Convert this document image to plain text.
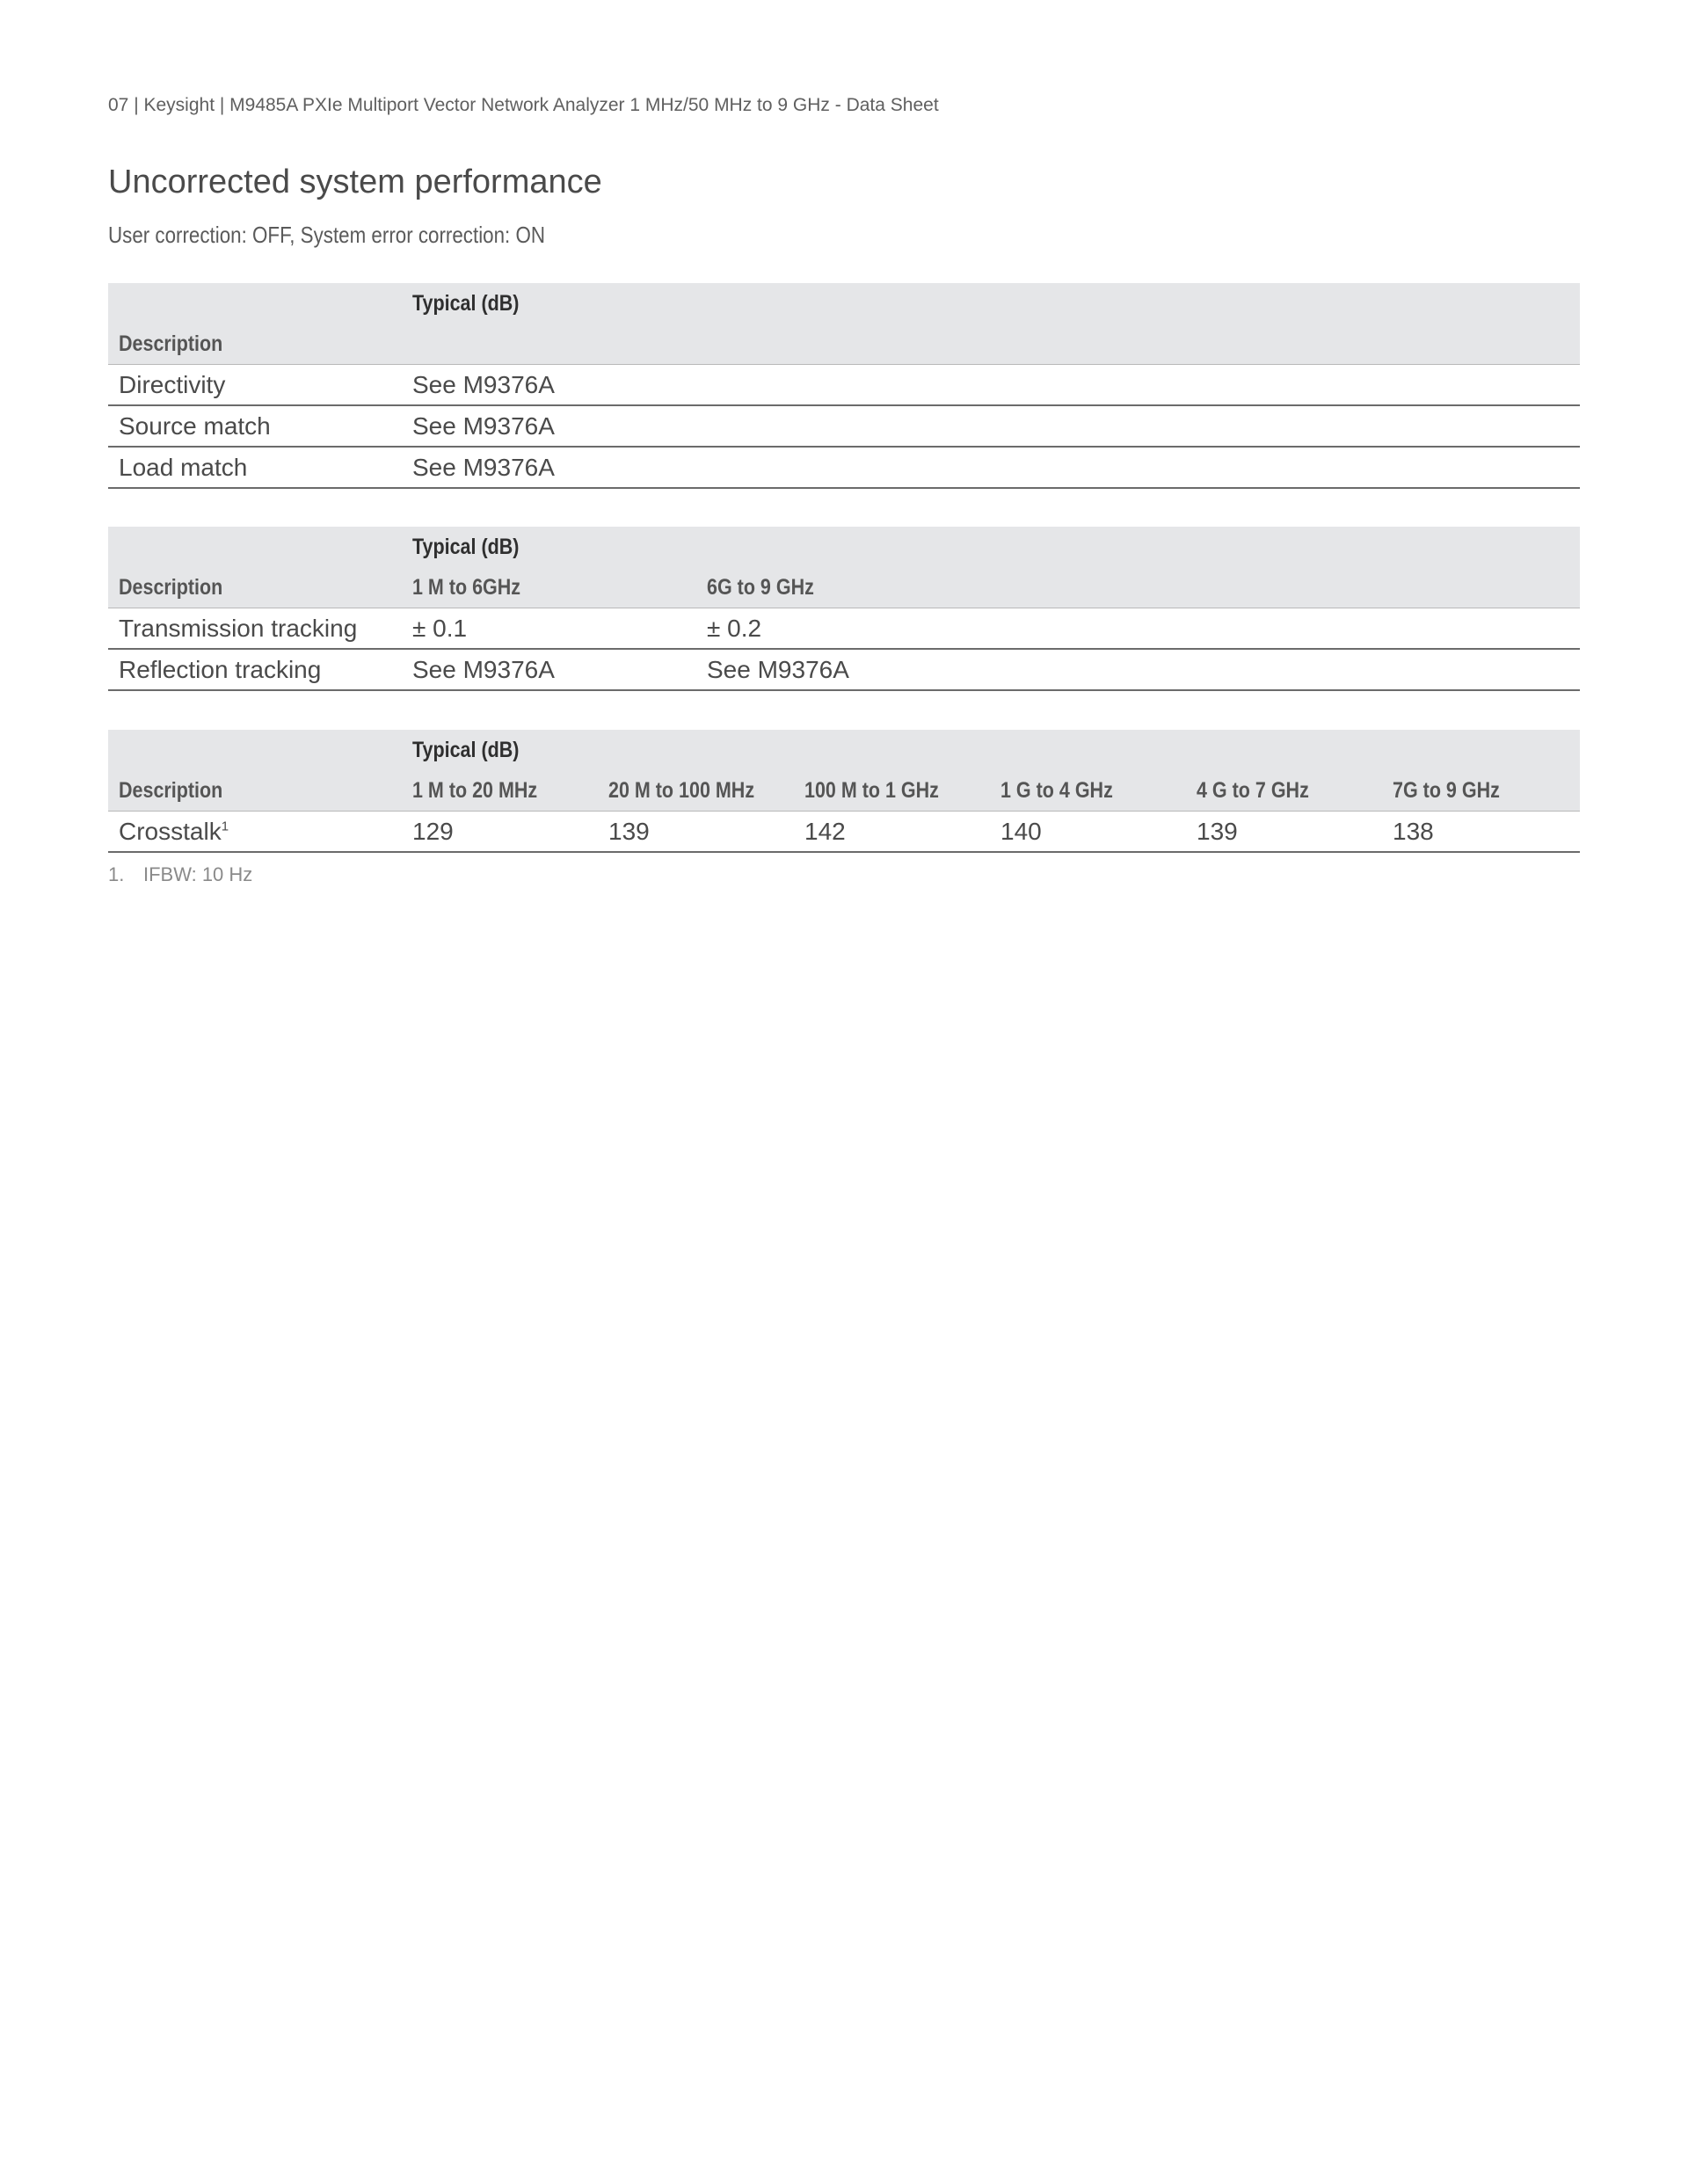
07 | Keysight | M9485A PXIe Multiport Vector Network Analyzer 1 MHz/50 MHz to 9 GHz - Data Sheet
Uncorrected system performance
User correction: OFF, System error correction: ON
	Typical (dB)
Description	
Directivity	See M9376A
Source match	See M9376A
Load match	See M9376A
	Typical (dB)	
Description	1 M to 6GHz	6G to 9 GHz
Transmission tracking	± 0.1	± 0.2
Reflection tracking	See M9376A	See M9376A
	Typical (dB)					
Description	1 M to 20 MHz	20 M to 100 MHz	100 M to 1 GHz	1 G to 4 GHz	4 G to 7 GHz	7G to 9 GHz
Crosstalk$^1$	129	139	142	140	139	138
1. IFBW: 10 Hz
